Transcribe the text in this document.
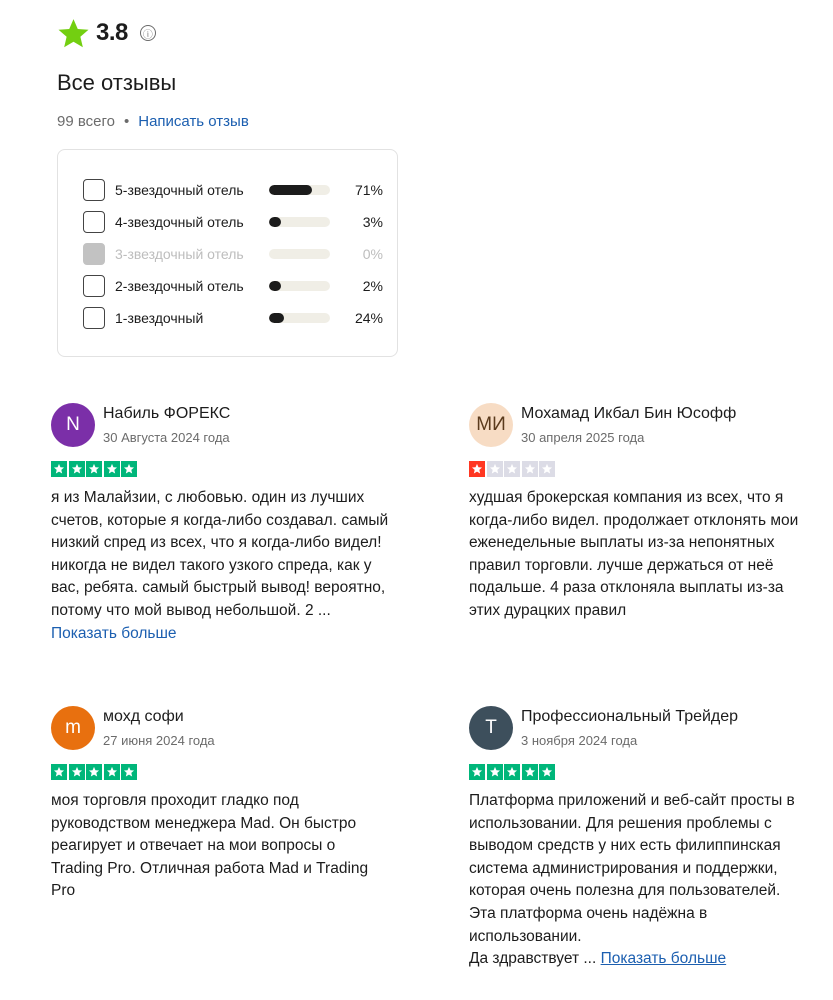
3.8	ⓘ
Все отзывы
99 всего • Написать отзыв
5-звездочный отель	71%
4-звездочный отель	3%
3-звездочный отель	0%
2-звездочный отель	2%
1-звездочный	24%
N
Набиль ФОРЕКС
30 Августа 2024 года
я из Малайзии, с любовью. один из лучших счетов, которые я когда-либо создавал. самый низкий спред из всех, что я когда-либо видел! никогда не видел такого узкого спреда, как у вас, ребята. самый быстрый вывод! вероятно, потому что мой вывод небольшой. 2 ...
Показать больше
МИ
Мохамад Икбал Бин Юсофф
30 апреля 2025 года
худшая брокерская компания из всех, что я когда-либо видел. продолжает отклонять мои еженедельные выплаты из-за непонятных правил торговли. лучше держаться от неё подальше. 4 раза отклоняла выплаты из-за этих дурацких правил
m
мохд софи
27 июня 2024 года
моя торговля проходит гладко под руководством менеджера Mad. Он быстро реагирует и отвечает на мои вопросы о Trading Pro. Отличная работа Mad и Trading Pro
T
Профессиональный Трейдер
3 ноября 2024 года
Платформа приложений и веб-сайт просты в использовании. Для решения проблемы с выводом средств у них есть филиппинская система администрирования и поддержки, которая очень полезна для пользователей. Эта платформа очень надёжна в использовании.
Да здравствует ... Показать больше
